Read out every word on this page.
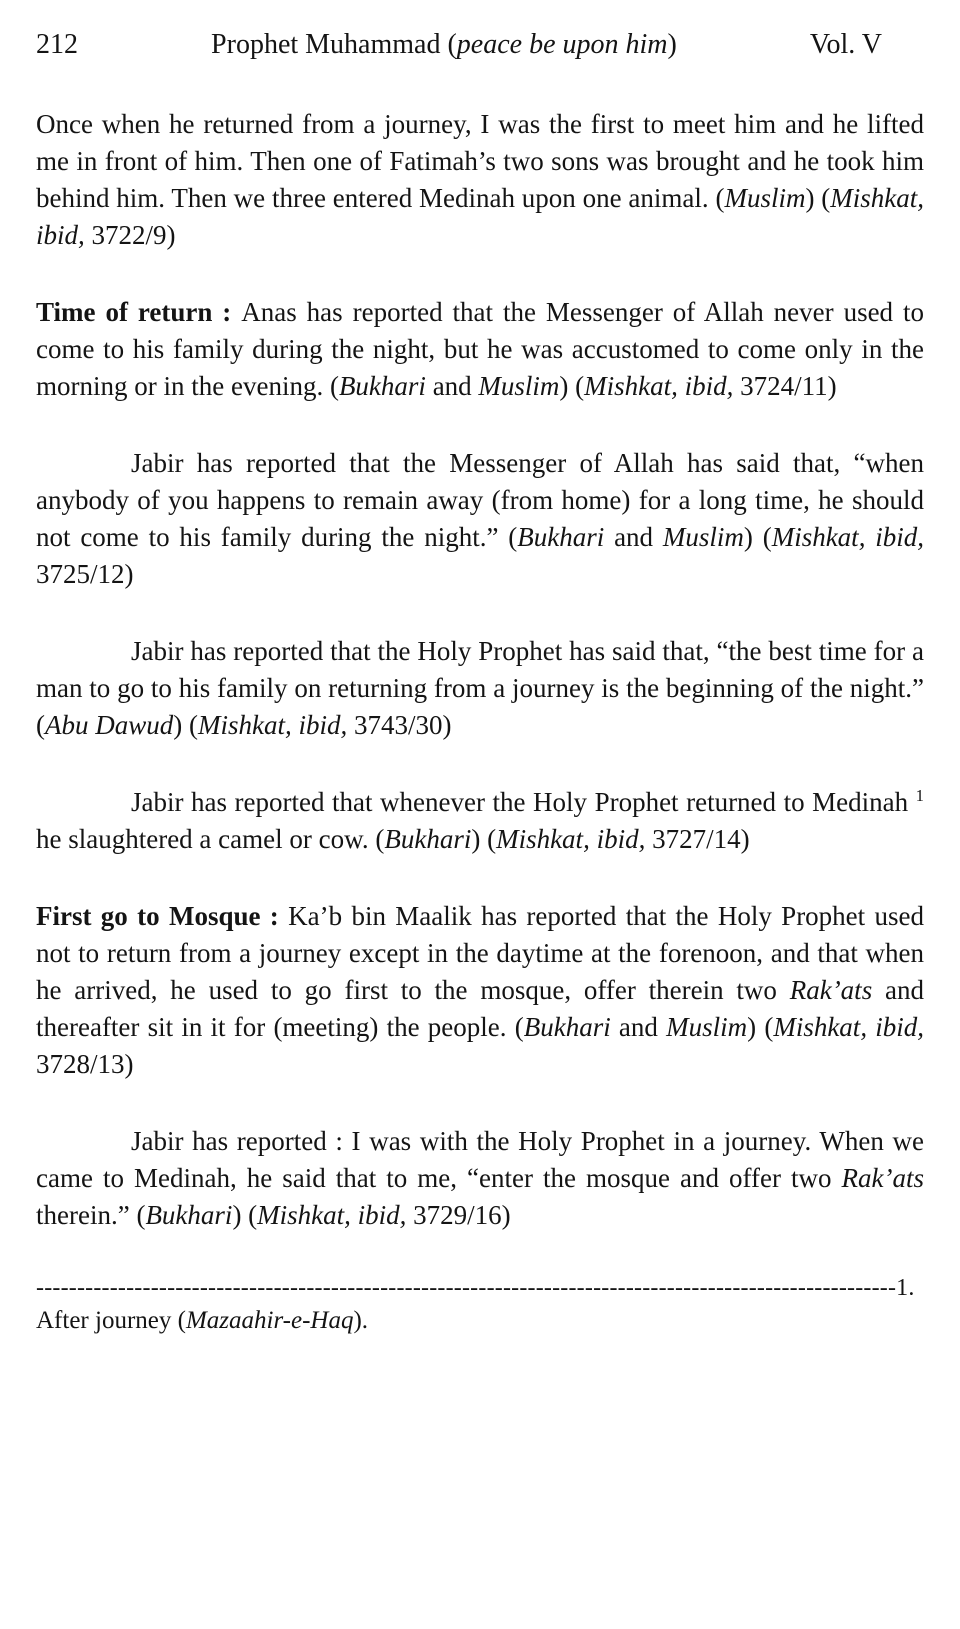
212	Prophet Muhammad (peace be upon him)	Vol. V

Once when he returned from a journey, I was the first to meet him and he lifted me in front of him. Then one of Fatimah’s two sons was brought and he took him behind him. Then we three entered Medinah upon one animal. (Muslim) (Mishkat, ibid, 3722/9)

Time of return : Anas has reported that the Messenger of Allah never used to come to his family during the night, but he was accustomed to come only in the morning or in the evening. (Bukhari and Muslim) (Mishkat, ibid, 3724/11)

Jabir has reported that the Messenger of Allah has said that, “when anybody of you happens to remain away (from home) for a long time, he should not come to his family during the night.” (Bukhari and Muslim) (Mishkat, ibid, 3725/12)

Jabir has reported that the Holy Prophet has said that, “the best time for a man to go to his family on returning from a journey is the beginning of the night.” (Abu Dawud) (Mishkat, ibid, 3743/30)

Jabir has reported that whenever the Holy Prophet returned to Medinah $^1$ he slaughtered a camel or cow. (Bukhari) (Mishkat, ibid, 3727/14)

First go to Mosque : Ka’b bin Maalik has reported that the Holy Prophet used not to return from a journey except in the daytime at the forenoon, and that when he arrived, he used to go first to the mosque, offer therein two Rak’ats and thereafter sit in it for (meeting) the people. (Bukhari and Muslim) (Mishkat, ibid, 3728/13)

Jabir has reported : I was with the Holy Prophet in a journey. When we came to Medinah, he said that to me, “enter the mosque and offer two Rak’ats therein.” (Bukhari) (Mishkat, ibid, 3729/16)

---------------------------------------------------------------------------------------------------------1.
After journey (Mazaahir-e-Haq).
